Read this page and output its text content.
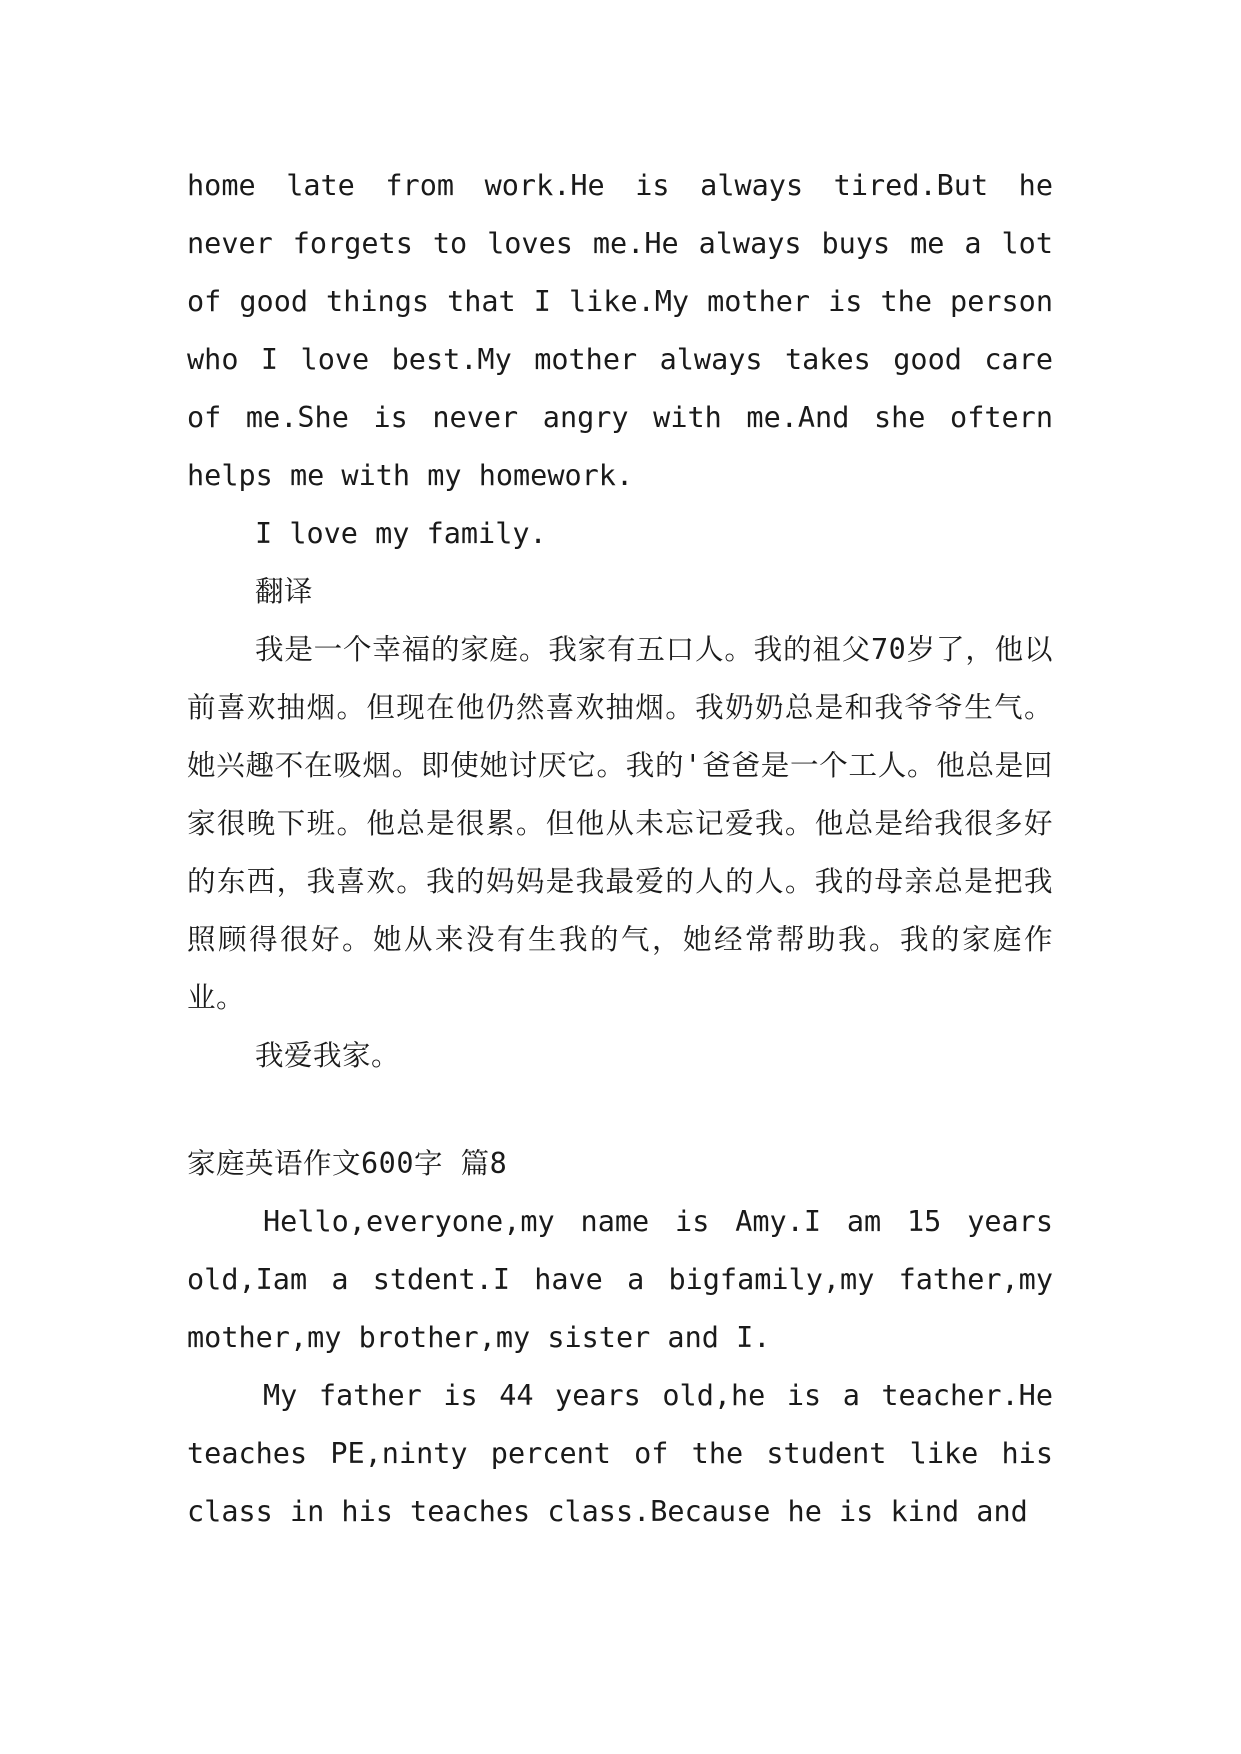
home late from work.He is always tired.But he never forgets to loves me.He always buys me a lot of good things that I like.My mother is the person who I love best.My mother always takes good care of me.She is never angry with me.And she oftern helps me with my homework.

I love my family.

翻译

我是一个幸福的家庭。我家有五口人。我的祖父70岁了，他以前喜欢抽烟。但现在他仍然喜欢抽烟。我奶奶总是和我爷爷生气。她兴趣不在吸烟。即使她讨厌它。我的'爸爸是一个工人。他总是回家很晚下班。他总是很累。但他从未忘记爱我。他总是给我很多好的东西，我喜欢。我的妈妈是我最爱的人的人。我的母亲总是把我照顾得很好。她从来没有生我的气，她经常帮助我。我的家庭作业。

我爱我家。

家庭英语作文600字 篇8

Hello,everyone,my name is Amy.I am 15 years old,Iam a stdent.I have a bigfamily,my father,my mother,my brother,my sister and I.

My father is 44 years old,he is a teacher.He teaches PE,ninty percent of the student like his class in his teaches class.Because he is kind and
